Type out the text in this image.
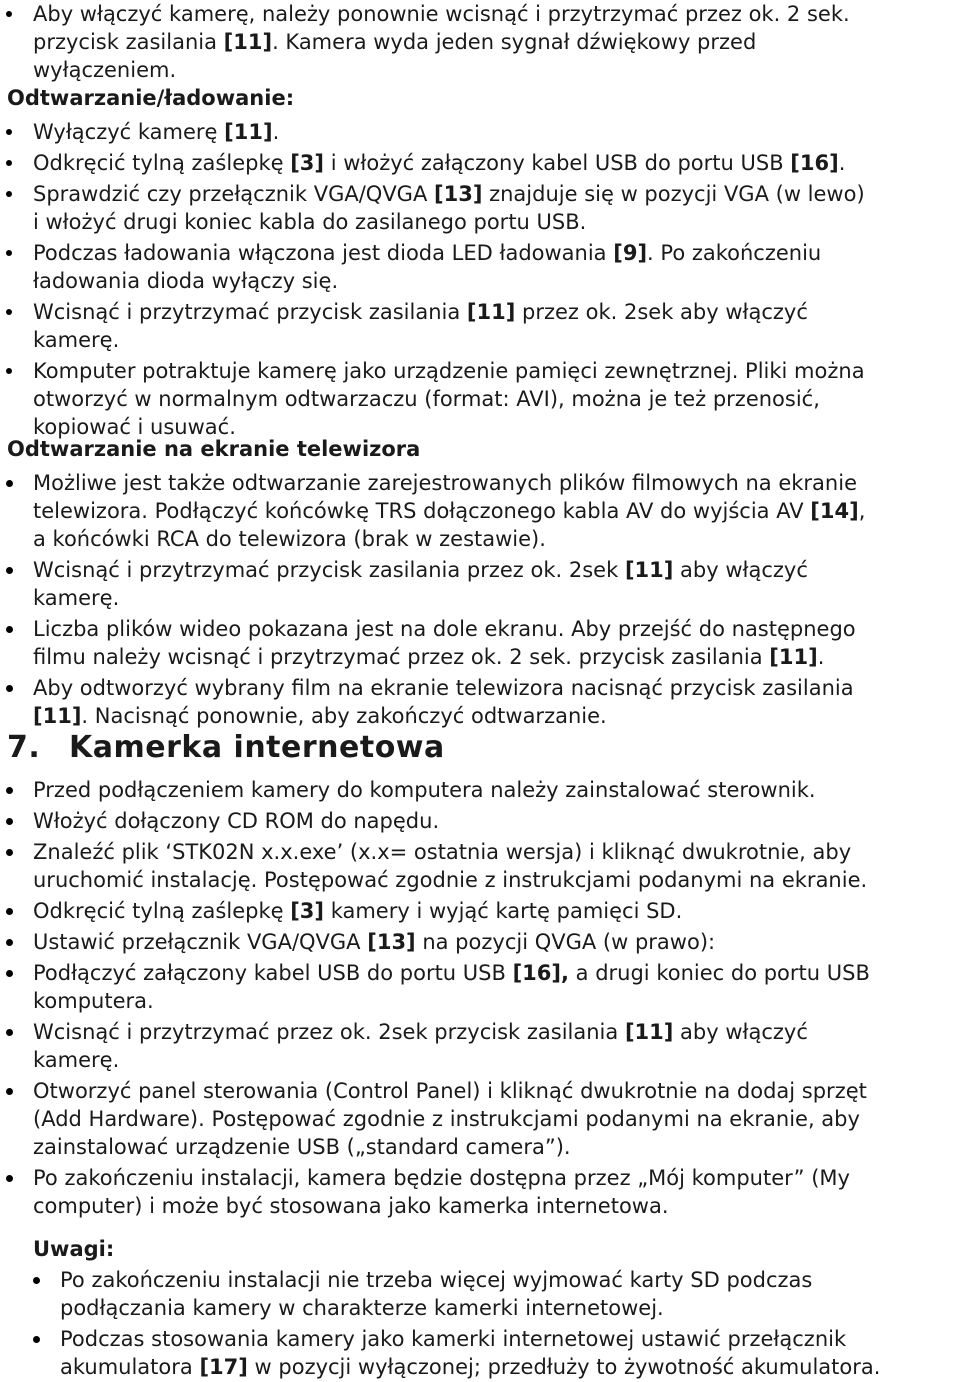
Aby włączyć kamerę, należy ponownie wcisnąć i przytrzymać przez ok. 2 sek.
przycisk zasilania [11]. Kamera wyda jeden sygnał dźwiękowy przed
wyłączeniem.
Odtwarzanie/ładowanie:
Wyłączyć kamerę [11].
Odkręcić tylną zaślepkę [3] i włożyć załączony kabel USB do portu USB [16].
Sprawdzić czy przełącznik VGA/QVGA [13] znajduje się w pozycji VGA (w lewo)
i włożyć drugi koniec kabla do zasilanego portu USB.
Podczas ładowania włączona jest dioda LED ładowania [9]. Po zakończeniu
ładowania dioda wyłączy się.
Wcisnąć i przytrzymać przycisk zasilania [11] przez ok. 2sek aby włączyć
kamerę.
Komputer potraktuje kamerę jako urządzenie pamięci zewnętrznej. Pliki można
otworzyć w normalnym odtwarzaczu (format: AVI), można je też przenosić,
kopiować i usuwać.
Odtwarzanie na ekranie telewizora
Możliwe jest także odtwarzanie zarejestrowanych plików filmowych na ekranie
telewizora. Podłączyć końcówkę TRS dołączonego kabla AV do wyjścia AV [14],
a końcówki RCA do telewizora (brak w zestawie).
Wcisnąć i przytrzymać przycisk zasilania przez ok. 2sek [11] aby włączyć
kamerę.
Liczba plików wideo pokazana jest na dole ekranu. Aby przejść do następnego
filmu należy wcisnąć i przytrzymać przez ok. 2 sek. przycisk zasilania [11].
Aby odtworzyć wybrany film na ekranie telewizora nacisnąć przycisk zasilania
[11]. Nacisnąć ponownie, aby zakończyć odtwarzanie.
7. Kamerka internetowa
Przed podłączeniem kamery do komputera należy zainstalować sterownik.
Włożyć dołączony CD ROM do napędu.
Znaleźć plik ‘STK02N x.x.exe’ (x.x= ostatnia wersja) i kliknąć dwukrotnie, aby
uruchomić instalację. Postępować zgodnie z instrukcjami podanymi na ekranie.
Odkręcić tylną zaślepkę [3] kamery i wyjąć kartę pamięci SD.
Ustawić przełącznik VGA/QVGA [13] na pozycji QVGA (w prawo):
Podłączyć załączony kabel USB do portu USB [16], a drugi koniec do portu USB
komputera.
Wcisnąć i przytrzymać przez ok. 2sek przycisk zasilania [11] aby włączyć
kamerę.
Otworzyć panel sterowania (Control Panel) i kliknąć dwukrotnie na dodaj sprzęt
(Add Hardware). Postępować zgodnie z instrukcjami podanymi na ekranie, aby
zainstalować urządzenie USB („standard camera”).
Po zakończeniu instalacji, kamera będzie dostępna przez „Mój komputer” (My
computer) i może być stosowana jako kamerka internetowa.
Uwagi:
Po zakończeniu instalacji nie trzeba więcej wyjmować karty SD podczas
podłączania kamery w charakterze kamerki internetowej.
Podczas stosowania kamery jako kamerki internetowej ustawić przełącznik
akumulatora [17] w pozycji wyłączonej; przedłuży to żywotność akumulatora.
